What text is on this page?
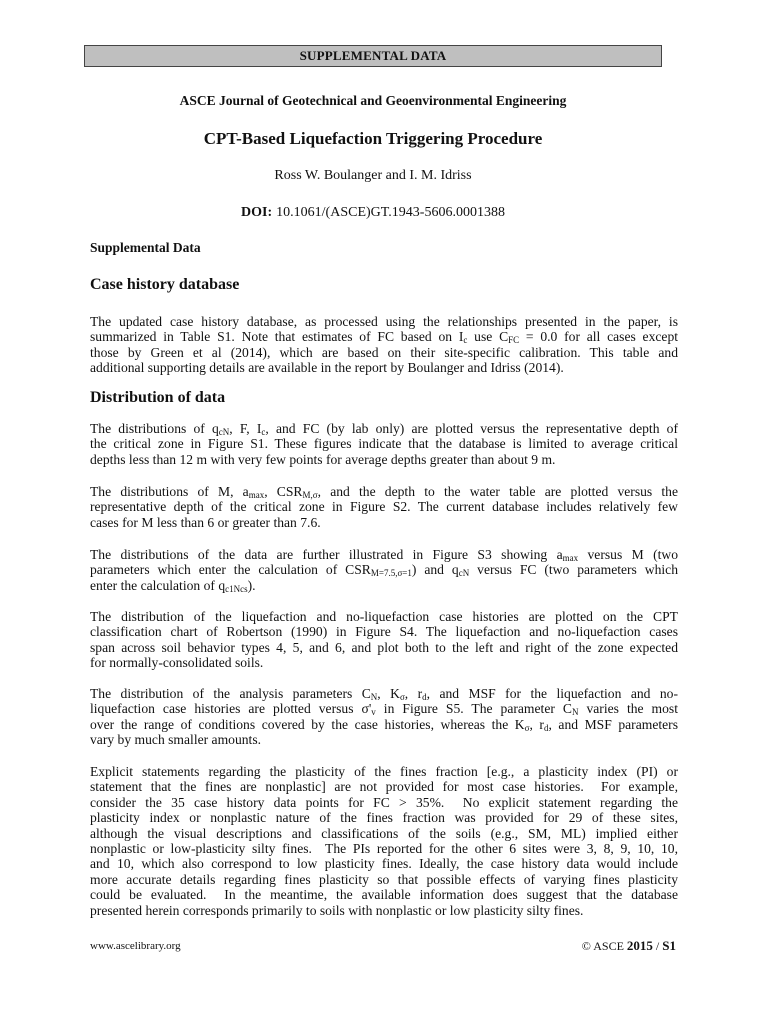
SUPPLEMENTAL DATA
ASCE Journal of Geotechnical and Geoenvironmental Engineering
CPT-Based Liquefaction Triggering Procedure
Ross W. Boulanger and I. M. Idriss
DOI: 10.1061/(ASCE)GT.1943-5606.0001388
Supplemental Data
Case history database
The updated case history database, as processed using the relationships presented in the paper, is
summarized in Table S1. Note that estimates of FC based on $I_c$ use $C_{FC} = 0.0$ for all cases except
those by Green et al (2014), which are based on their site-specific calibration. This table and
additional supporting details are available in the report by Boulanger and Idriss (2014).
Distribution of data
The distributions of $q_{cN}$, F, $I_c$, and FC (by lab only) are plotted versus the representative depth of
the critical zone in Figure S1. These figures indicate that the database is limited to average critical
depths less than 12 m with very few points for average depths greater than about 9 m.
The distributions of M, $a_{max}$, $CSR_{M,\sigma}$, and the depth to the water table are plotted versus the
representative depth of the critical zone in Figure S2. The current database includes relatively few
cases for M less than 6 or greater than 7.6.
The distributions of the data are further illustrated in Figure S3 showing $a_{max}$ versus M (two
parameters which enter the calculation of $CSR_{M=7.5,\sigma=1}$) and $q_{cN}$ versus FC (two parameters which
enter the calculation of $q_{c1Ncs}$).
The distribution of the liquefaction and no-liquefaction case histories are plotted on the CPT
classification chart of Robertson (1990) in Figure S4. The liquefaction and no-liquefaction cases
span across soil behavior types 4, 5, and 6, and plot both to the left and right of the zone expected
for normally-consolidated soils.
The distribution of the analysis parameters $C_N$, $K_\sigma$, $r_d$, and MSF for the liquefaction and no-
liquefaction case histories are plotted versus $\sigma'_v$ in Figure S5. The parameter $C_N$ varies the most
over the range of conditions covered by the case histories, whereas the $K_\sigma$, $r_d$, and MSF parameters
vary by much smaller amounts.
Explicit statements regarding the plasticity of the fines fraction [e.g., a plasticity index (PI) or
statement that the fines are nonplastic] are not provided for most case histories.  For example,
consider the 35 case history data points for FC > 35%.  No explicit statement regarding the
plasticity index or nonplastic nature of the fines fraction was provided for 29 of these sites,
although the visual descriptions and classifications of the soils (e.g., SM, ML) implied either
nonplastic or low-plasticity silty fines.  The PIs reported for the other 6 sites were 3, 8, 9, 10, 10,
and 10, which also correspond to low plasticity fines. Ideally, the case history data would include
more accurate details regarding fines plasticity so that possible effects of varying fines plasticity
could be evaluated.  In the meantime, the available information does suggest that the database
presented herein corresponds primarily to soils with nonplastic or low plasticity silty fines.
www.ascelibrary.org	© ASCE 2015 / S1
